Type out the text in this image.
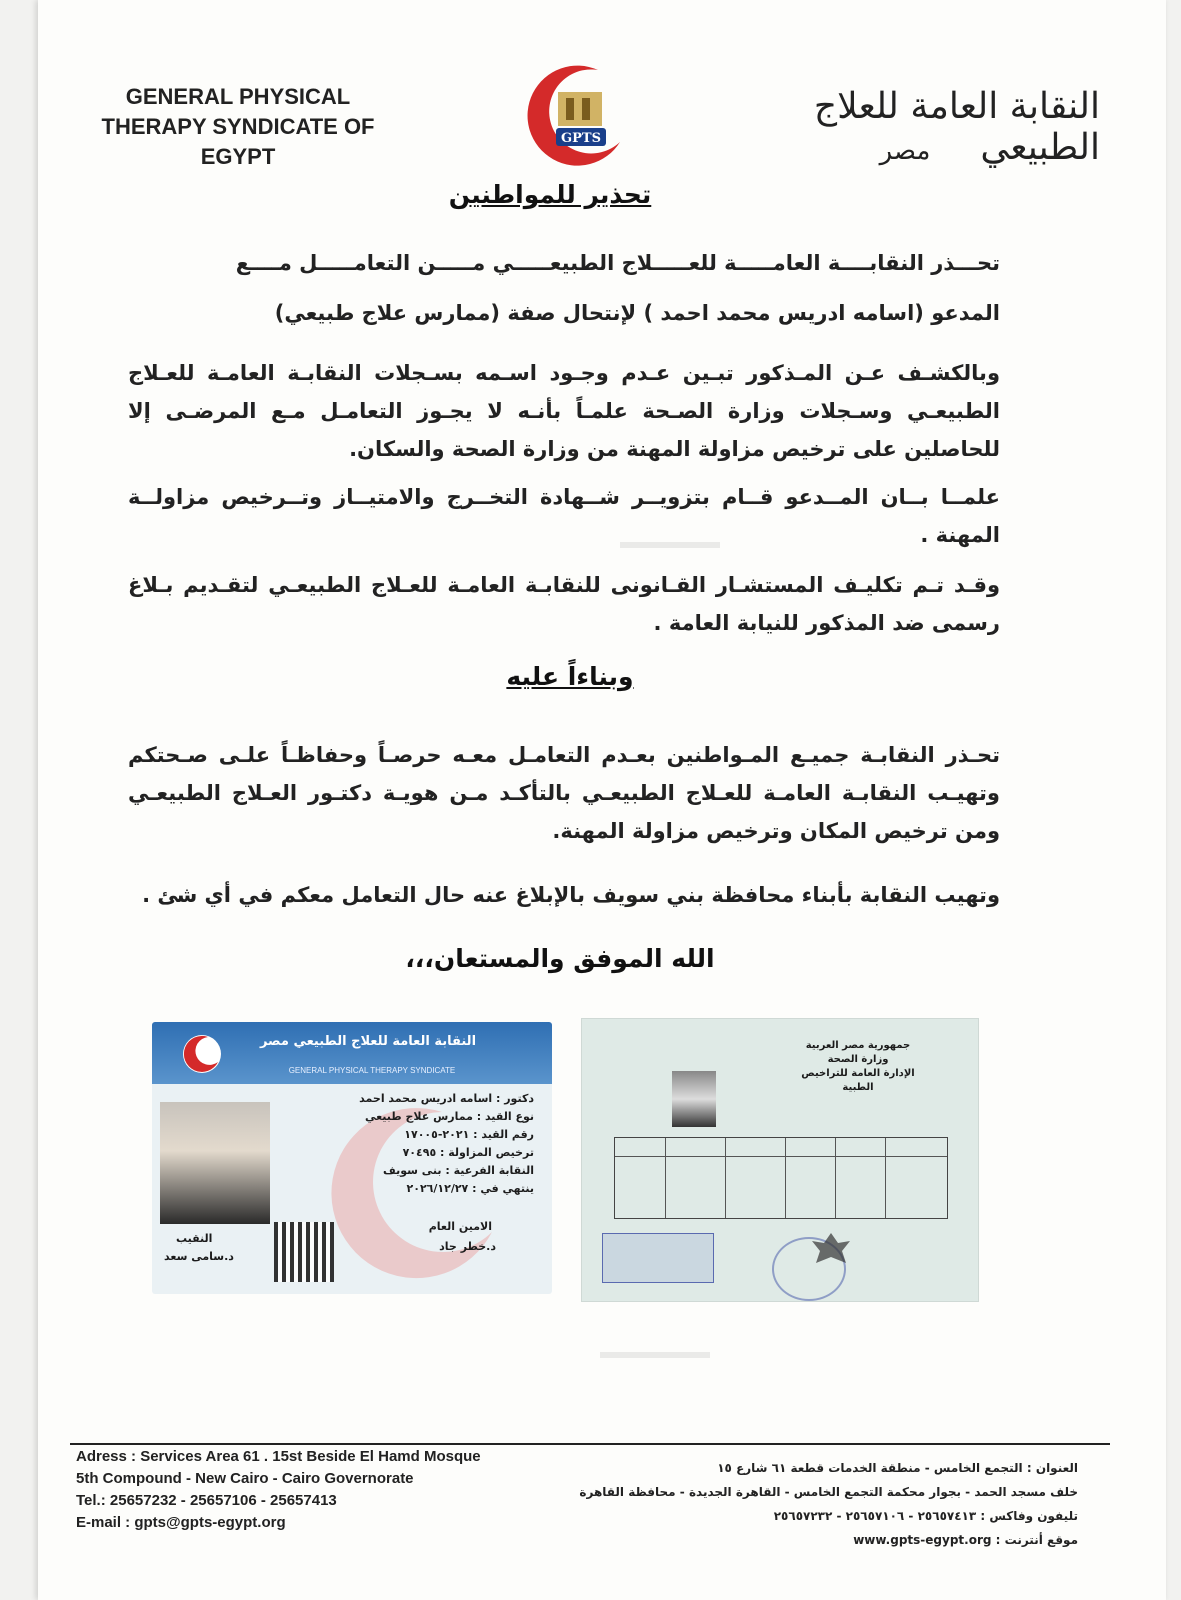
GENERAL PHYSICAL
THERAPY SYNDICATE OF
EGYPT
GPTS
النقابة العامة للعلاج الطبيعي
مصر
تحذير للمواطنين
تحـــذر النقابــــة العامـــــة للعـــــلاج الطبيعـــــي مـــــن التعامـــــل مــــع
المدعو (اسامه ادريس محمد احمد ) لإنتحال صفة (ممارس علاج طبيعي)
وبالكشـف عـن المـذكور تبـين عـدم وجـود اسـمه بسـجلات النقابـة العامـة للعـلاج الطبيعـي وسـجلات وزارة الصـحة علمـاً بأنـه لا يجـوز التعامـل مـع المرضـى إلا للحاصلين على ترخيص مزاولة المهنة من وزارة الصحة والسكان.
علمــا بــان المــدعو قــام بتزويــر شــهادة التخــرج والامتيــاز وتــرخيص مزاولــة المهنة .
وقـد تـم تكليـف المستشـار القـانونى للنقابـة العامـة للعـلاج الطبيعـي لتقـديم بـلاغ رسمى ضد المذكور للنيابة العامة .
وبناءاً عليه
تحـذر النقابـة جميـع المـواطنين بعـدم التعامـل معـه حرصـاً وحفاظـاً علـى صـحتكم وتهيـب النقابـة العامـة للعـلاج الطبيعـي بالتأكـد مـن هويـة دكتـور العـلاج الطبيعـي ومن ترخيص المكان وترخيص مزاولة المهنة.
وتهيب النقابة بأبناء محافظة بني سويف بالإبلاغ عنه حال التعامل معكم في أي شئ .
الله الموفق والمستعان،،،
النقابة العامة للعلاج الطبيعي مصر
GENERAL PHYSICAL THERAPY SYNDICATE
دكتور : اسامه ادريس محمد احمد
نوع القيد : ممارس علاج طبيعي
رقم القيد : ٢٠٢١-١٧٠٠٥
ترخيص المزاولة : ٧٠٤٩٥
النقابة الفرعية : بنى سويف
ينتهي في : ٢٠٢٦/١٢/٢٧
الامين العام
د.خطر جاد
النقيب
د.سامى سعد
جمهورية مصر العربية
وزارة الصحة
الإدارة العامة للتراخيص الطبية
Adress : Services Area 61 . 15st Beside El Hamd Mosque
5th Compound - New Cairo - Cairo Governorate
Tel.: 25657232 - 25657106 - 25657413
E-mail : gpts@gpts-egypt.org
العنوان : التجمع الخامس - منطقة الخدمات قطعة ٦١ شارع ١٥
خلف مسجد الحمد - بجوار محكمة التجمع الخامس - القاهرة الجديدة - محافظة القاهرة
تليفون وفاكس : ٢٥٦٥٧٤١٣ - ٢٥٦٥٧١٠٦ - ٢٥٦٥٧٢٣٢
موقع أنترنت : www.gpts-egypt.org
